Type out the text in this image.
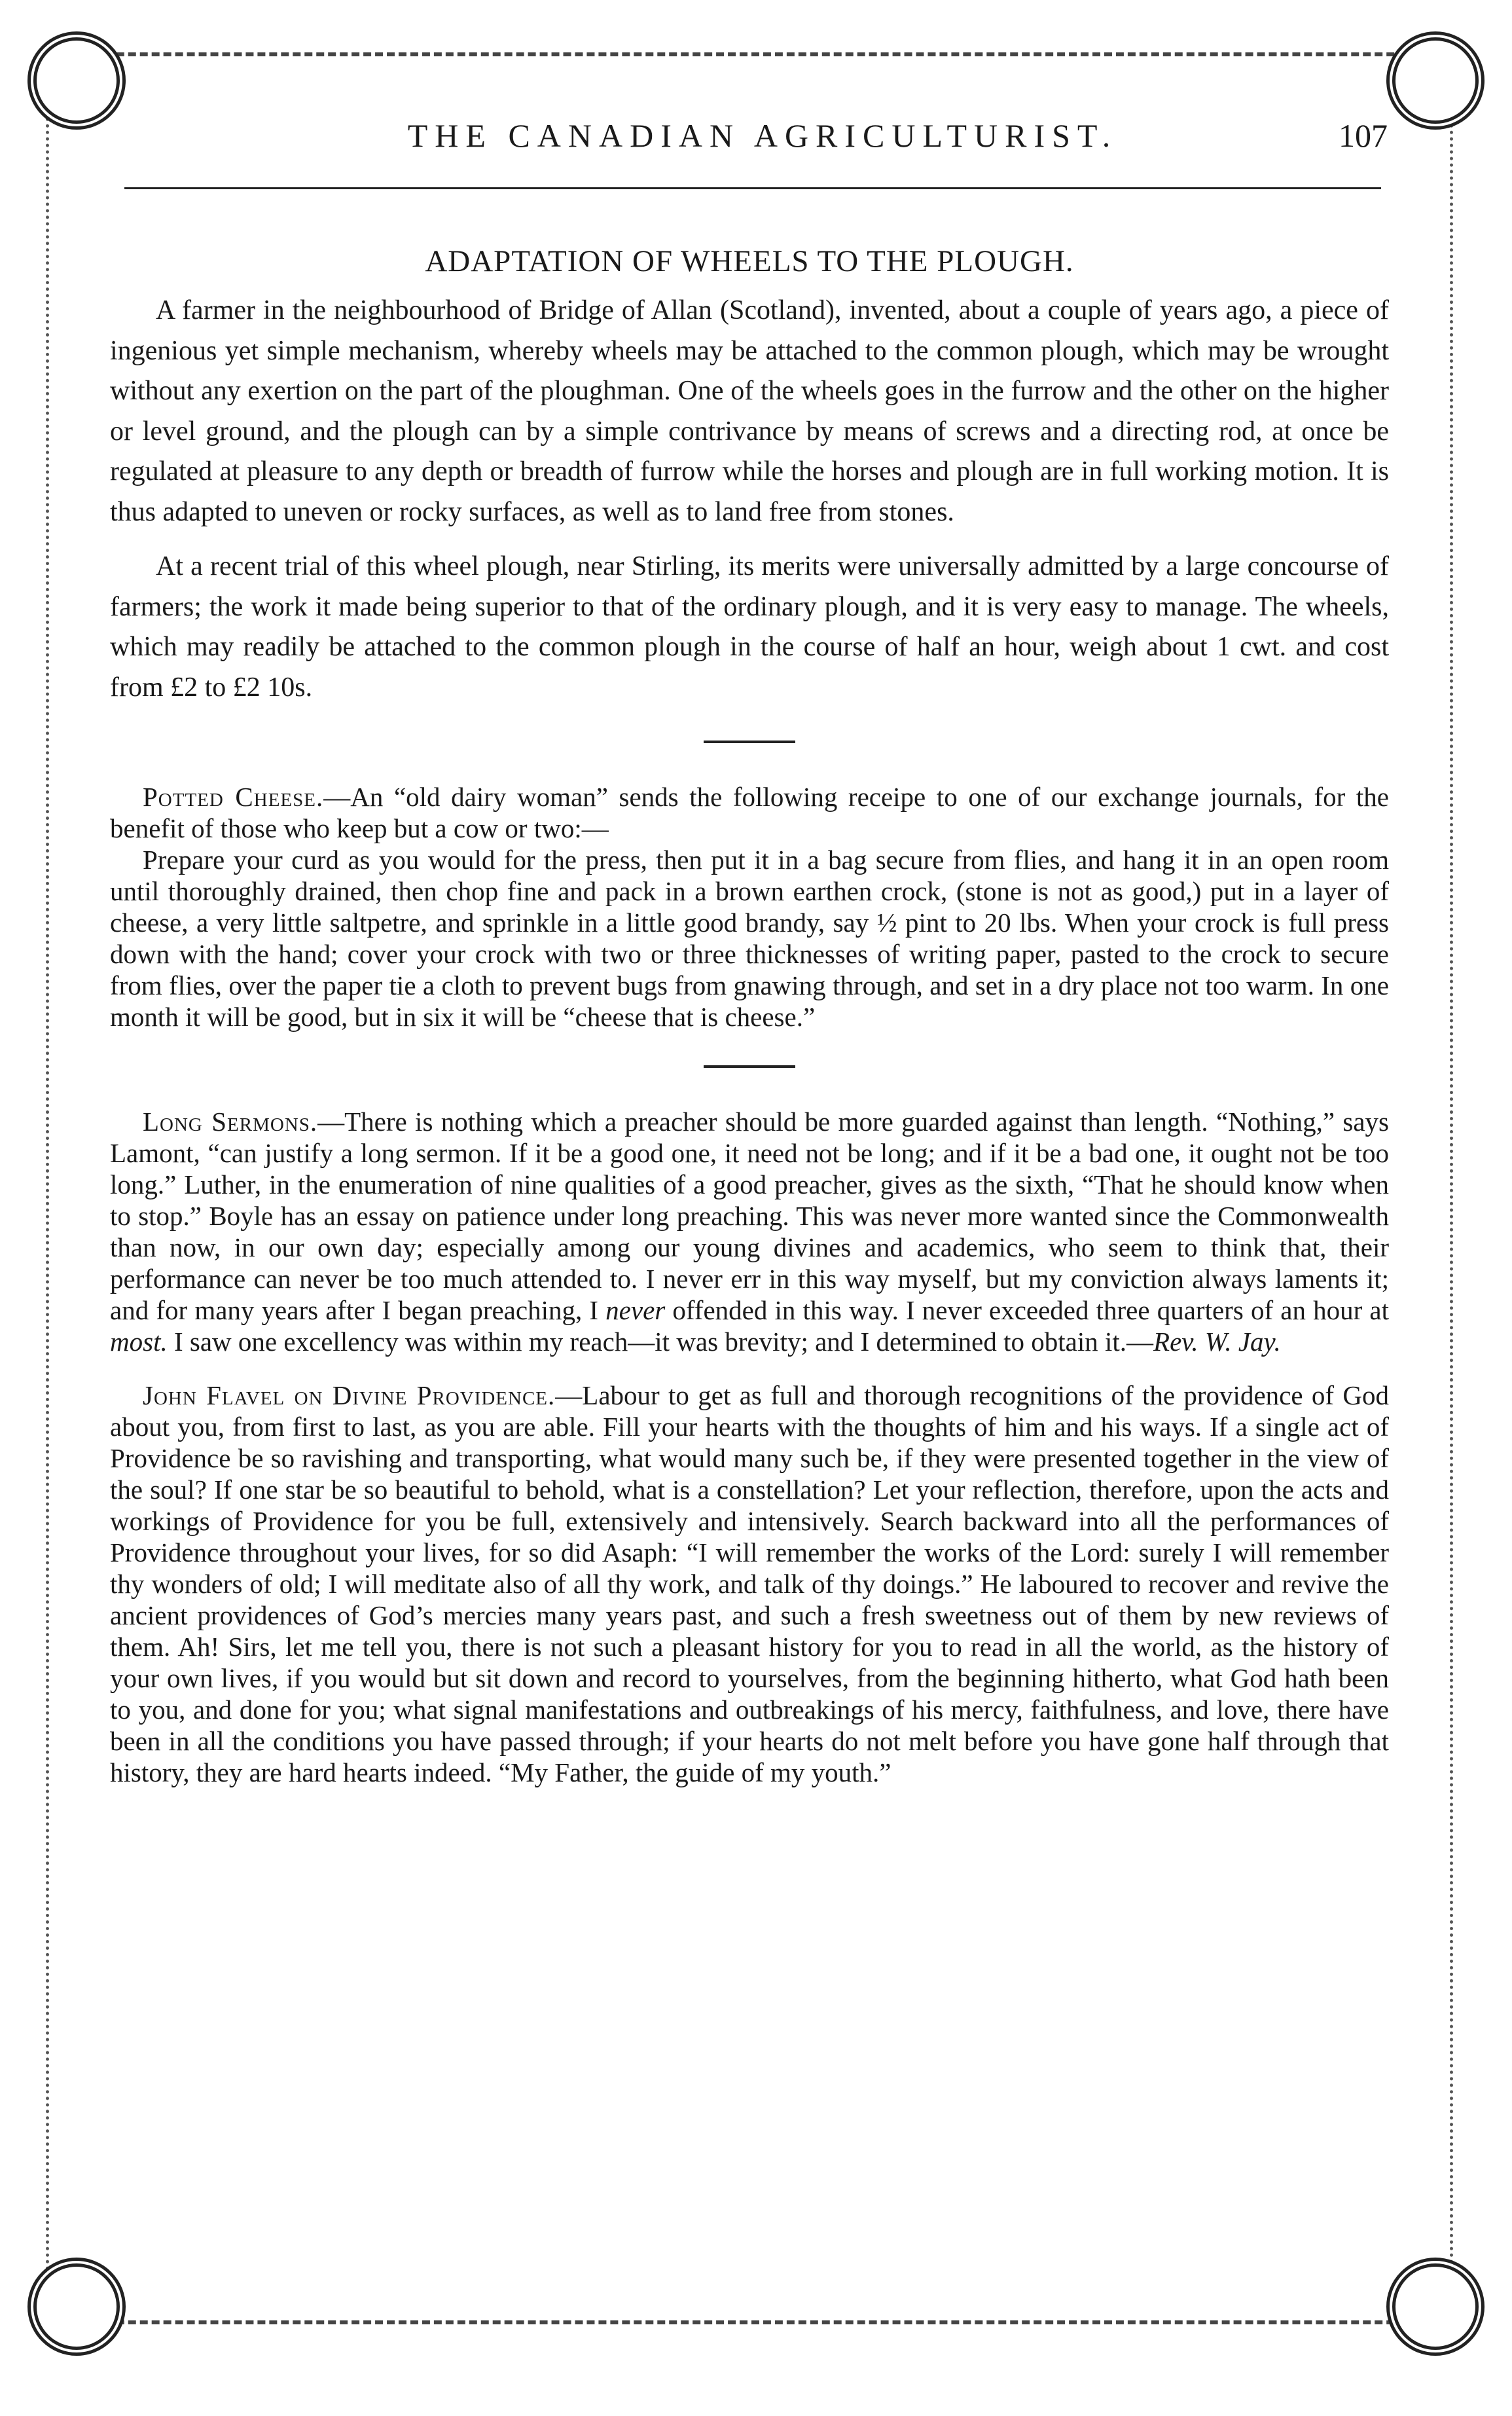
THE CANADIAN AGRICULTURIST.	107
ADAPTATION OF WHEELS TO THE PLOUGH.

A farmer in the neighbourhood of Bridge of Allan (Scotland), invented, about a couple of years ago, a piece of ingenious yet simple mechanism, whereby wheels may be attached to the common plough, which may be wrought without any exertion on the part of the ploughman. One of the wheels goes in the furrow and the other on the higher or level ground, and the plough can by a simple contrivance by means of screws and a directing rod, at once be regulated at pleasure to any depth or breadth of furrow while the horses and plough are in full working motion. It is thus adapted to uneven or rocky surfaces, as well as to land free from stones.

At a recent trial of this wheel plough, near Stirling, its merits were universally admitted by a large concourse of farmers; the work it made being superior to that of the ordinary plough, and it is very easy to manage. The wheels, which may readily be attached to the common plough in the course of half an hour, weigh about 1 cwt. and cost from £2 to £2 10s.

Potted Cheese.—An “old dairy woman” sends the following receipe to one of our exchange journals, for the benefit of those who keep but a cow or two:—

Prepare your curd as you would for the press, then put it in a bag secure from flies, and hang it in an open room until thoroughly drained, then chop fine and pack in a brown earthen crock, (stone is not as good,) put in a layer of cheese, a very little saltpetre, and sprinkle in a little good brandy, say ½ pint to 20 lbs. When your crock is full press down with the hand; cover your crock with two or three thicknesses of writing paper, pasted to the crock to secure from flies, over the paper tie a cloth to prevent bugs from gnawing through, and set in a dry place not too warm. In one month it will be good, but in six it will be “cheese that is cheese.”

Long Sermons.—There is nothing which a preacher should be more guarded against than length. “Nothing,” says Lamont, “can justify a long sermon. If it be a good one, it need not be long; and if it be a bad one, it ought not be too long.” Luther, in the enumeration of nine qualities of a good preacher, gives as the sixth, “That he should know when to stop.” Boyle has an essay on patience under long preaching. This was never more wanted since the Commonwealth than now, in our own day; especially among our young divines and academics, who seem to think that, their performance can never be too much attended to. I never err in this way myself, but my conviction always laments it; and for many years after I began preaching, I never offended in this way. I never exceeded three quarters of an hour at most. I saw one excellency was within my reach—it was brevity; and I determined to obtain it.—Rev. W. Jay.

John Flavel on Divine Providence.—Labour to get as full and thorough recognitions of the providence of God about you, from first to last, as you are able. Fill your hearts with the thoughts of him and his ways. If a single act of Providence be so ravishing and transporting, what would many such be, if they were presented together in the view of the soul? If one star be so beautiful to behold, what is a constellation? Let your reflection, therefore, upon the acts and workings of Providence for you be full, extensively and intensively. Search backward into all the performances of Providence throughout your lives, for so did Asaph: “I will remember the works of the Lord: surely I will remember thy wonders of old; I will meditate also of all thy work, and talk of thy doings.” He laboured to recover and revive the ancient providences of God’s mercies many years past, and such a fresh sweetness out of them by new reviews of them. Ah! Sirs, let me tell you, there is not such a pleasant history for you to read in all the world, as the history of your own lives, if you would but sit down and record to yourselves, from the beginning hitherto, what God hath been to you, and done for you; what signal manifestations and outbreakings of his mercy, faithfulness, and love, there have been in all the conditions you have passed through; if your hearts do not melt before you have gone half through that history, they are hard hearts indeed. “My Father, the guide of my youth.”
